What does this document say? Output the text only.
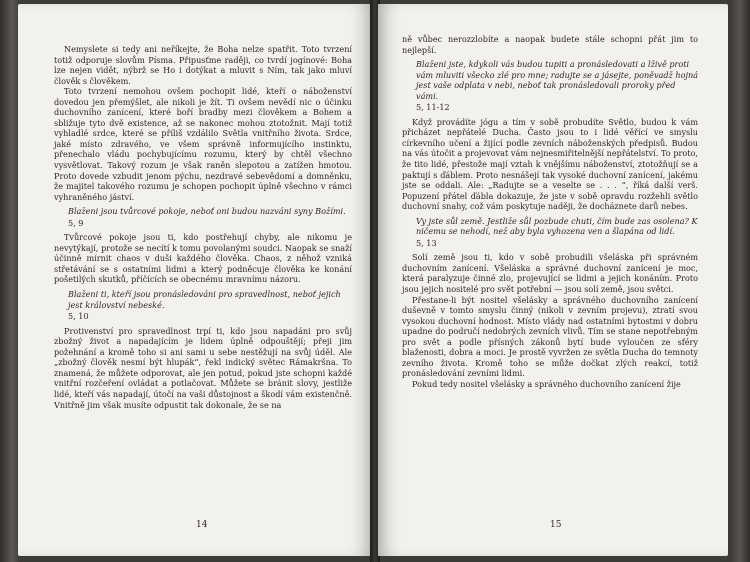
Nemyslete si tedy ani neříkejte, že Boha nelze spatřit. Toto tvrzení totiž odporuje slovům Písma. Připusťme raději, co tvrdí jogínové: Boha lze nejen vidět, nýbrž se Ho i dotýkat a mluvit s Ním, tak jako mluví člověk s člověkem.

Toto tvrzení nemohou ovšem pochopit lidé, kteří o náboženství dovedou jen přemýšlet, ale nikoli je žít. Ti ovšem nevědí nic o účinku duchovního zanícení, které boří bradby mezi člověkem a Bohem a sbližuje tyto dvě existence, až se nakonec mohou ztotožnit. Mají totiž vyhladlé srdce, které se příliš vzdálilo Světla vnitřního života. Srdce, jaké místo zdravého, ve všem správně informujícího instinktu, přenechalo vládu pochybujícímu rozumu, který by chtěl všechno vysvětlovat. Takový rozum je však raněn slepotou a zatížen hmotou. Proto dovede vzbudit jenom pýchu, nezdravé sebevědomí a domněnku, že majitel takového rozumu je schopen pochopit úplně všechno v rámci vyhraněného jáství.

Blaženi jsou tvůrcové pokoje, neboť oni budou nazváni syny Božími.
5, 9

Tvůrcové pokoje jsou ti, kdo postřehují chyby, ale nikomu je nevytýkají, protože se necítí k tomu povolanými soudci. Naopak se snaží účinně mírnit chaos v duši každého člověka. Chaos, z něhož vzniká střetávání se s ostatními lidmi a který podněcuje člověka ke konání pošetilých skutků, příčících se obecnému mravnímu názoru.

Blaženi ti, kteří jsou pronásledováni pro spravedlnost, neboť jejich jest království nebeské.
5, 10

Protivenství pro spravedlnost trpí ti, kdo jsou napadáni pro svůj zbožný život a napadajícím je lidem úplně odpouštějí; přeji jim požehnání a kromě toho si ani sami u sebe nestěžují na svůj úděl. Ale „zbožný člověk nesmí být hlupák“, řekl indický světec Rámakršna. To znamená, že můžete odporovat, ale jen potud, pokud jste schopni každé vnitřní rozčeření ovládat a potlačovat. Můžete se bránit slovy, jestliže lidé, kteří vás napadají, útočí na vaši důstojnost a škodí vám existenčně. Vnitřně jim však musíte odpustit tak dokonale, že se na

14

ně vůbec nerozzlobíte a naopak budete stále schopni přát jim to nejlepší.

Blaženi jste, kdykoli vás budou tupiti a pronásledovati a lživě proti vám mluviti všecko zlé pro mne; radujte se a jásejte, poněvadž hojná jest vaše odplata v nebi, neboť tak pronásledovali proroky před vámi.
5, 11-12

Když provádíte jógu a tím v sobě probudíte Světlo, budou k vám přicházet nepřátelé Ducha. Často jsou to i lidé věřící ve smyslu církevního učení a žijící podle zevních náboženských předpisů. Budou na vás útočit a projevovat vám nejnesmiřitelnější nepřátelství. To proto, že tito lidé, přestože mají vztah k vnějšímu náboženství, ztotožňují se a paktují s ďáblem. Proto nesnášejí tak vysoké duchovní zanícení, jakému jste se oddali. Ale: „Radujte se a veselte se . . . “, říká další verš. Popuzení přátel ďábla dokazuje, že jste v sobě opravdu rozžehli světlo duchovní snahy, což vám poskytuje naději, že docháznete darů nebes.

Vy jste sůl země. Jestliže sůl pozbude chuti, čím bude zas osolena? K ničemu se nehodí, než aby byla vyhozena ven a šlapána od lidí.
5, 13

Solí země jsou ti, kdo v sobě probudili všeláska při správném duchovním zanícení. Všeláska a správné duchovní zanícení je moc, která paralyzuje činné zlo, projevující se lidmi a jejich konáním. Proto jsou jejich nositelé pro svět potřební — jsou solí země, jsou světci.

Přestane-li být nositel všelásky a správného duchovního zanícení duševně v tomto smyslu činný (nikoli v zevním projevu), ztratí svou vysokou duchovní hodnost. Místo vlády nad ostatními bytostmi v dobru upadne do područí nedobrých zevních vlivů. Tím se stane nepotřebným pro svět a podle přísných zákonů bytí bude vyloučen ze sféry blaženosti, dobra a moci. Je prostě vyvržen ze světla Ducha do temnoty zevního života. Kromě toho se může dočkat zlých reakcí, totiž pronásledování zevními lidmi.

Pokud tedy nositel všelásky a správného duchovního zanícení žije

15
